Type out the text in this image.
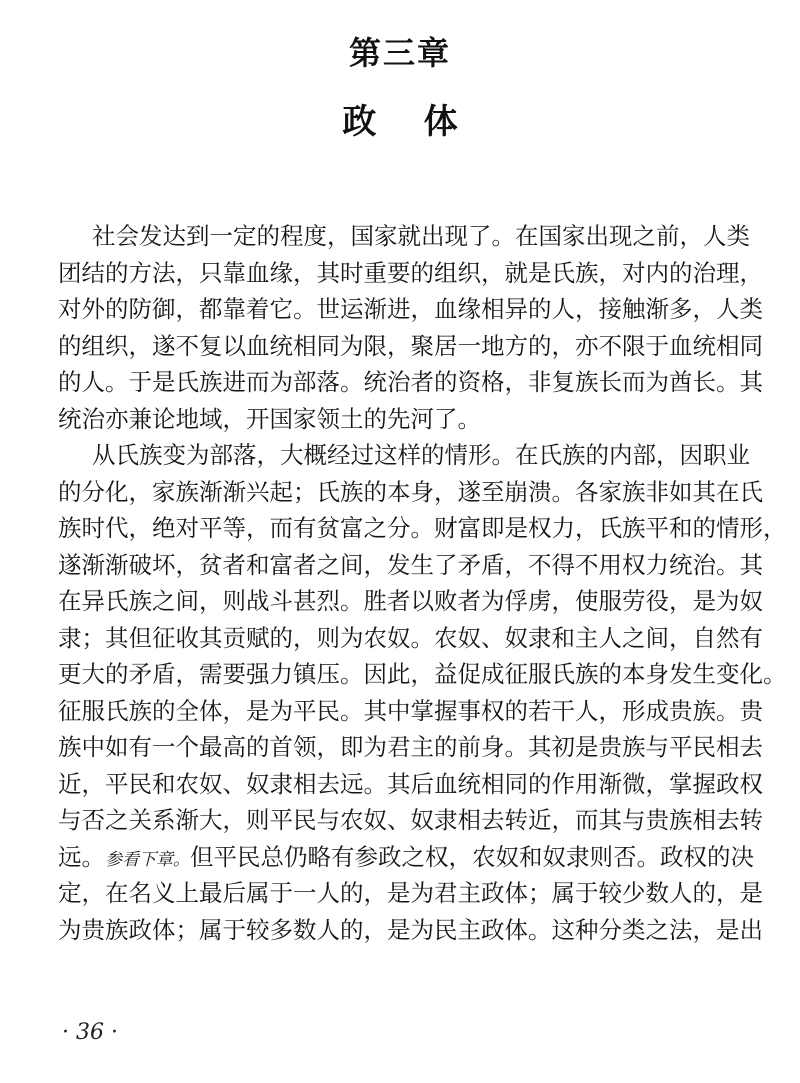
第三章
政    体
社会发达到一定的程度，国家就出现了。在国家出现之前，人类
团结的方法，只靠血缘，其时重要的组织，就是氏族，对内的治理，
对外的防御，都靠着它。世运渐进，血缘相异的人，接触渐多，人类
的组织，遂不复以血统相同为限，聚居一地方的，亦不限于血统相同
的人。于是氏族进而为部落。统治者的资格，非复族长而为酋长。其
统治亦兼论地域，开国家领土的先河了。
从氏族变为部落，大概经过这样的情形。在氏族的内部，因职业
的分化，家族渐渐兴起；氏族的本身，遂至崩溃。各家族非如其在氏
族时代，绝对平等，而有贫富之分。财富即是权力，氏族平和的情形，
遂渐渐破坏，贫者和富者之间，发生了矛盾，不得不用权力统治。其
在异氏族之间，则战斗甚烈。胜者以败者为俘虏，使服劳役，是为奴
隶；其但征收其贡赋的，则为农奴。农奴、奴隶和主人之间，自然有
更大的矛盾，需要强力镇压。因此，益促成征服氏族的本身发生变化。
征服氏族的全体，是为平民。其中掌握事权的若干人，形成贵族。贵
族中如有一个最高的首领，即为君主的前身。其初是贵族与平民相去
近，平民和农奴、奴隶相去远。其后血统相同的作用渐微，掌握政权
与否之关系渐大，则平民与农奴、奴隶相去转近，而其与贵族相去转
远。参看下章。但平民总仍略有参政之权，农奴和奴隶则否。政权的决
定，在名义上最后属于一人的，是为君主政体；属于较少数人的，是
为贵族政体；属于较多数人的，是为民主政体。这种分类之法，是出
· 36 ·
